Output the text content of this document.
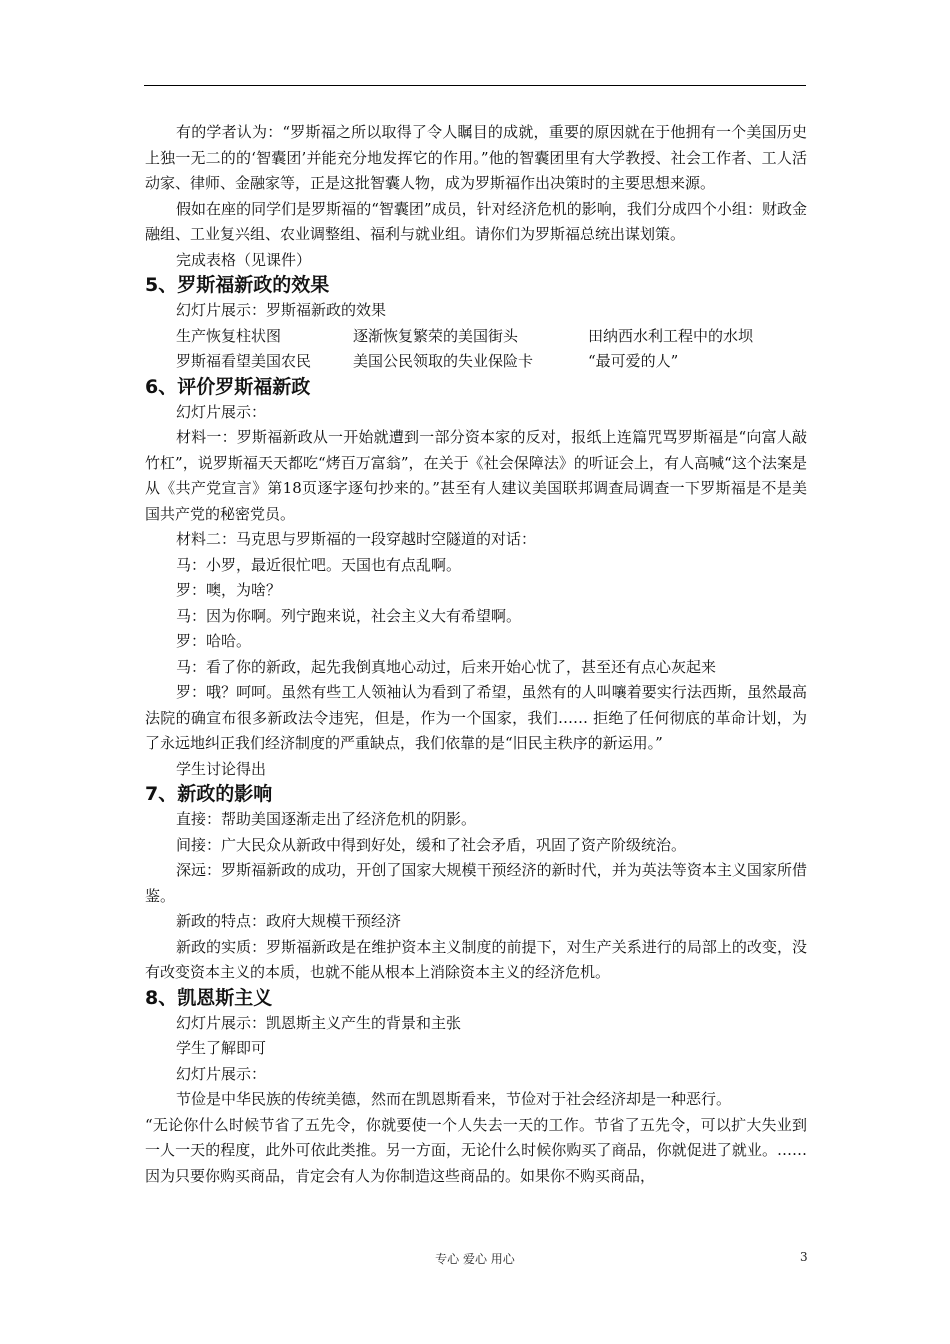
有的学者认为：“罗斯福之所以取得了令人瞩目的成就，重要的原因就在于他拥有一个美国历史上独一无二的的‘智囊团’并能充分地发挥它的作用。”他的智囊团里有大学教授、社会工作者、工人活动家、律师、金融家等，正是这批智囊人物，成为罗斯福作出决策时的主要思想来源。

假如在座的同学们是罗斯福的“智囊团”成员，针对经济危机的影响，我们分成四个小组：财政金融组、工业复兴组、农业调整组、福利与就业组。请你们为罗斯福总统出谋划策。

完成表格（见课件）

5、罗斯福新政的效果

幻灯片展示：罗斯福新政的效果

生产恢复柱状图	逐渐恢复繁荣的美国街头	田纳西水利工程中的水坝
罗斯福看望美国农民	美国公民领取的失业保险卡	“最可爱的人”
6、评价罗斯福新政

幻灯片展示：

材料一：罗斯福新政从一开始就遭到一部分资本家的反对，报纸上连篇咒骂罗斯福是“向富人敲竹杠”，说罗斯福天天都吃“烤百万富翁”，在关于《社会保障法》的听证会上，有人高喊“这个法案是从《共产党宣言》第18页逐字逐句抄来的。”甚至有人建议美国联邦调查局调查一下罗斯福是不是美国共产党的秘密党员。

材料二：马克思与罗斯福的一段穿越时空隧道的对话：

马：小罗，最近很忙吧。天国也有点乱啊。

罗：噢，为啥？

马：因为你啊。列宁跑来说，社会主义大有希望啊。

罗：哈哈。

马：看了你的新政，起先我倒真地心动过，后来开始心忧了，甚至还有点心灰起来

罗：哦？呵呵。虽然有些工人领袖认为看到了希望，虽然有的人叫嚷着要实行法西斯，虽然最高法院的确宣布很多新政法令违宪，但是，作为一个国家，我们…… 拒绝了任何彻底的革命计划，为了永远地纠正我们经济制度的严重缺点，我们依靠的是“旧民主秩序的新运用。”

学生讨论得出

7、新政的影响

直接：帮助美国逐渐走出了经济危机的阴影。

间接：广大民众从新政中得到好处，缓和了社会矛盾，巩固了资产阶级统治。

深远：罗斯福新政的成功，开创了国家大规模干预经济的新时代，并为英法等资本主义国家所借鉴。

新政的特点：政府大规模干预经济

新政的实质：罗斯福新政是在维护资本主义制度的前提下，对生产关系进行的局部上的改变，没有改变资本主义的本质，也就不能从根本上消除资本主义的经济危机。

8、凯恩斯主义

幻灯片展示：凯恩斯主义产生的背景和主张

学生了解即可

幻灯片展示：

节俭是中华民族的传统美德，然而在凯恩斯看来，节俭对于社会经济却是一种恶行。

“无论你什么时候节省了五先令，你就要使一个人失去一天的工作。节省了五先令，可以扩大失业到一人一天的程度，此外可依此类推。另一方面，无论什么时候你购买了商品，你就促进了就业。……因为只要你购买商品，肯定会有人为你制造这些商品的。如果你不购买商品，

专心 爱心 用心	3
